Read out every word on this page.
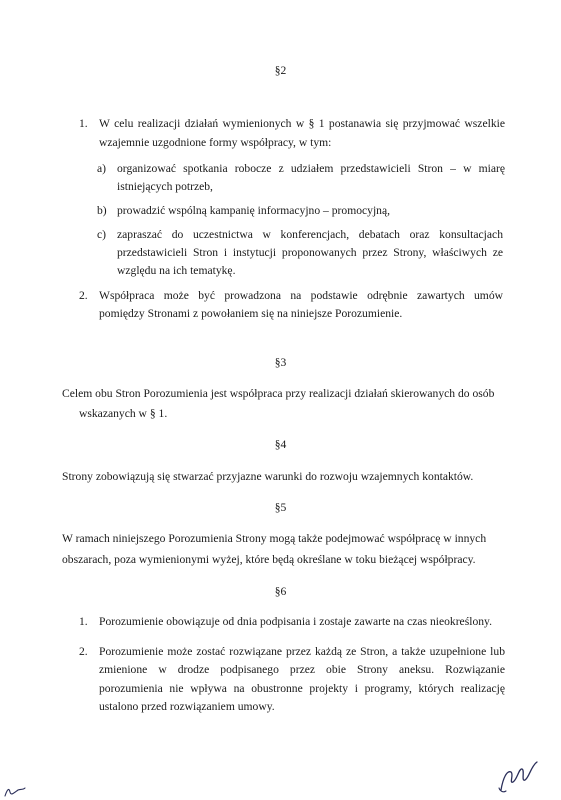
§2
1. W celu realizacji działań wymienionych w § 1 postanawia się przyjmować wszelkie
wzajemnie uzgodnione formy współpracy, w tym:
a) organizować spotkania robocze z udziałem przedstawicieli Stron – w miarę
istniejących potrzeb,
b) prowadzić wspólną kampanię informacyjno – promocyjną,
c) zapraszać do uczestnictwa w konferencjach, debatach oraz konsultacjach
przedstawicieli Stron i instytucji proponowanych przez Strony, właściwych ze
względu na ich tematykę.
2. Współpraca może być prowadzona na podstawie odrębnie zawartych umów
pomiędzy Stronami z powołaniem się na niniejsze Porozumienie.
§3
Celem obu Stron Porozumienia jest współpraca przy realizacji działań skierowanych do osób
wskazanych w § 1.
§4
Strony zobowiązują się stwarzać przyjazne warunki do rozwoju wzajemnych kontaktów.
§5
W ramach niniejszego Porozumienia Strony mogą także podejmować współpracę w innych
obszarach, poza wymienionymi wyżej, które będą określane w toku bieżącej współpracy.
§6
1. Porozumienie obowiązuje od dnia podpisania i zostaje zawarte na czas nieokreślony.
2. Porozumienie może zostać rozwiązane przez każdą ze Stron, a także uzupełnione lub
zmienione w drodze podpisanego przez obie Strony aneksu. Rozwiązanie
porozumienia nie wpływa na obustronne projekty i programy, których realizację
ustalono przed rozwiązaniem umowy.
